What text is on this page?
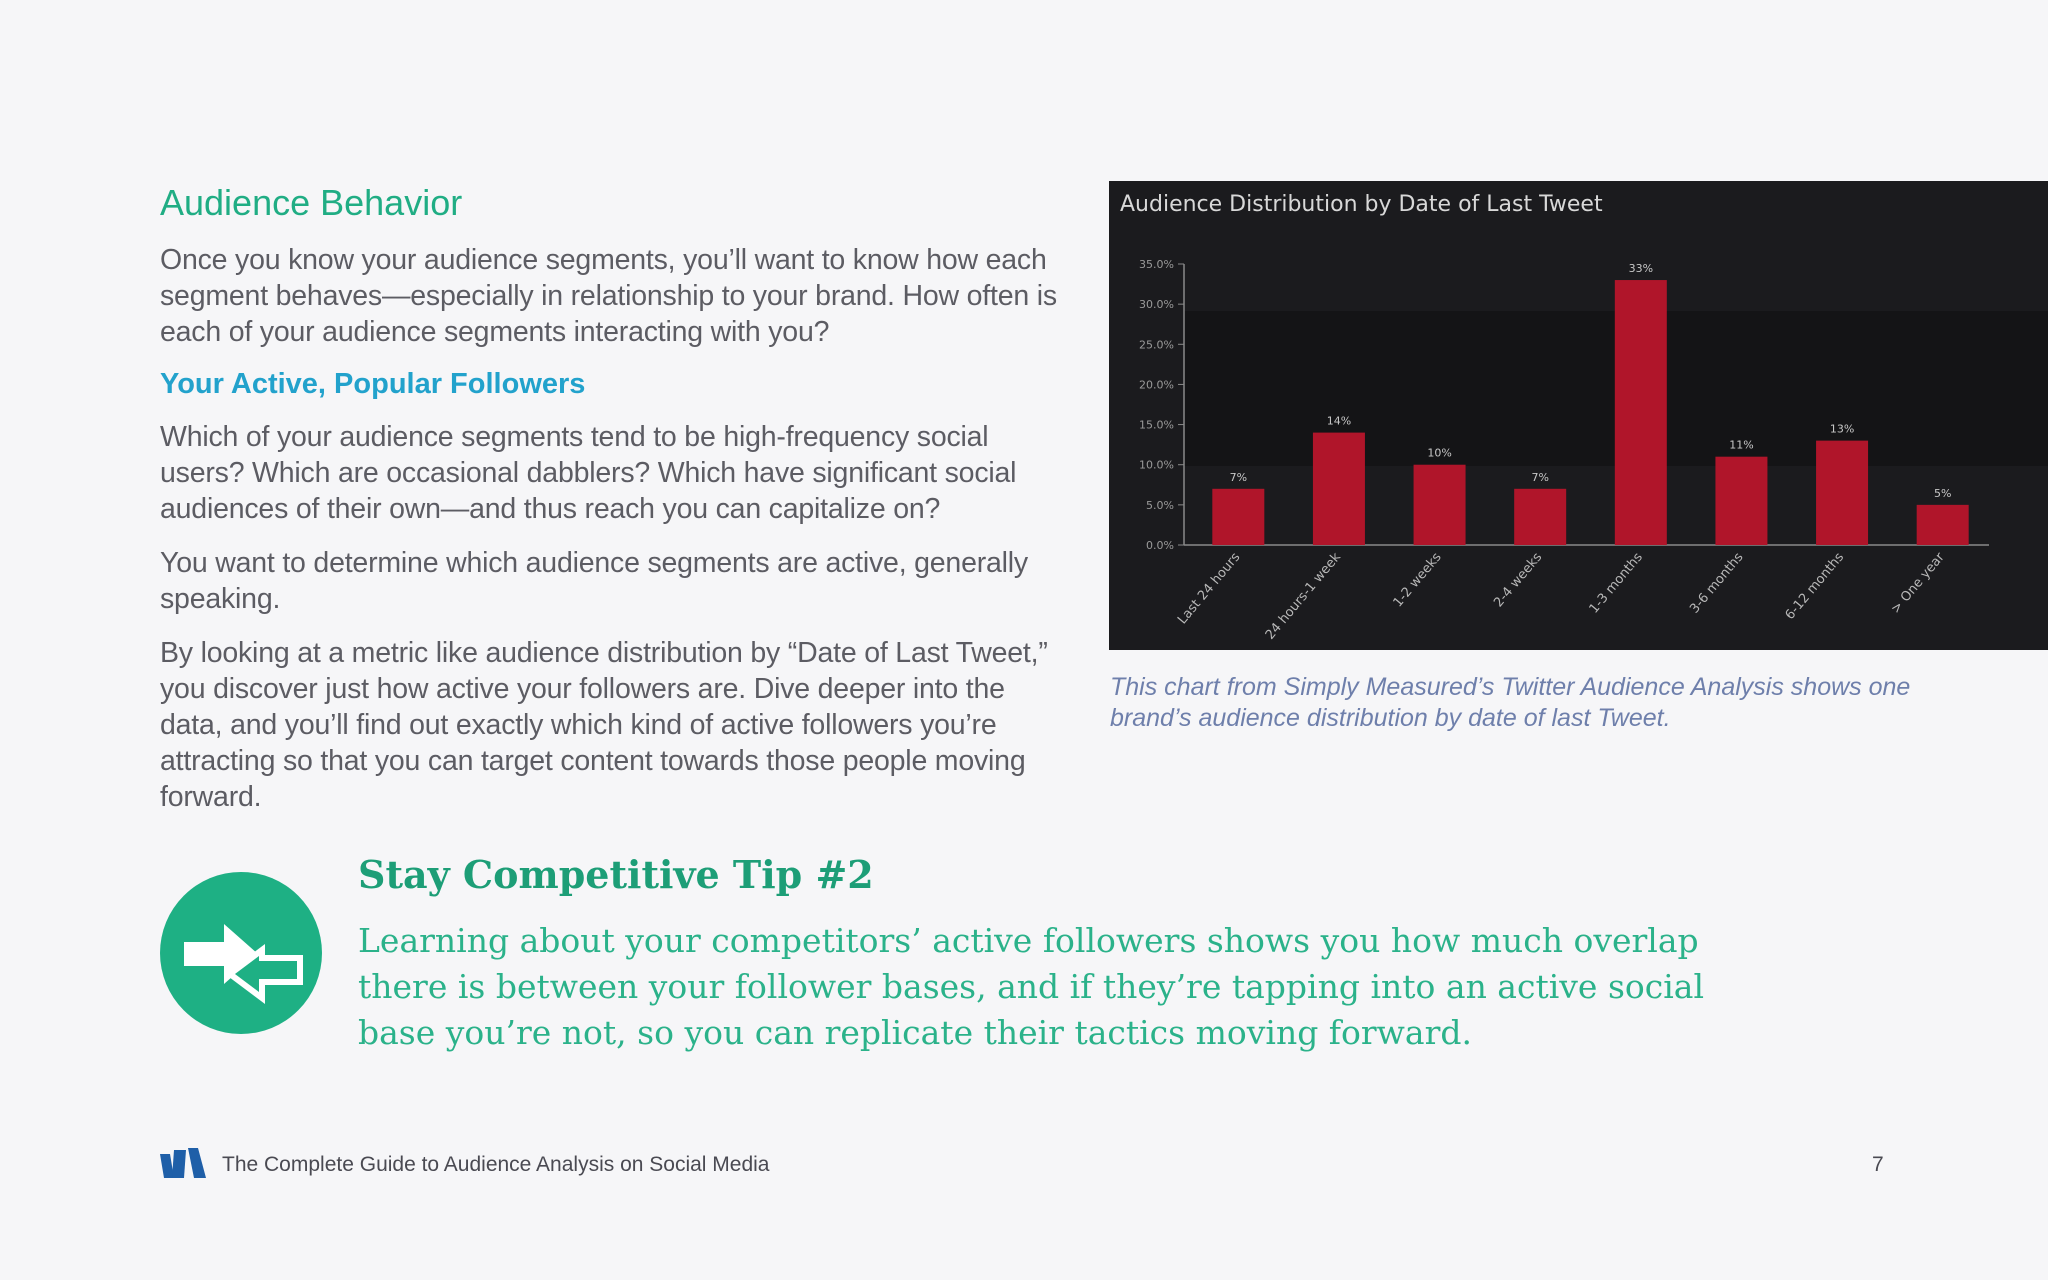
Audience Behavior

Once you know your audience segments, you’ll want to know how each segment behaves—especially in relationship to your brand. How often is each of your audience segments interacting with you?

Your Active, Popular Followers

Which of your audience segments tend to be high-frequency social users? Which are occasional dabblers? Which have significant social audiences of their own—and thus reach you can capitalize on?

You want to determine which audience segments are active, generally speaking.

By looking at a metric like audience distribution by “Date of Last Tweet,” you discover just how active your followers are. Dive deeper into the data, and you’ll find out exactly which kind of active followers you’re attracting so that you can target content towards those people moving forward.

Audience Distribution by Date of Last Tweet
0.0%
5.0%
10.0%
15.0%
20.0%
25.0%
30.0%
35.0%
7%
14%
10%
7%
33%
11%
13%
5%
Last 24 hours 24 hours-1 week	1-2 weeks	2-4 weeks	1-3 months	3-6 months	6-12 months	> One year
This chart from Simply Measured’s Twitter Audience Analysis shows one brand’s audience distribution by date of last Tweet.
Stay Competitive Tip #2
Learning about your competitors’ active followers shows you how much overlap there is between your follower bases, and if they’re tapping into an active social base you’re not, so you can replicate their tactics moving forward.
The Complete Guide to Audience Analysis on Social Media	7
